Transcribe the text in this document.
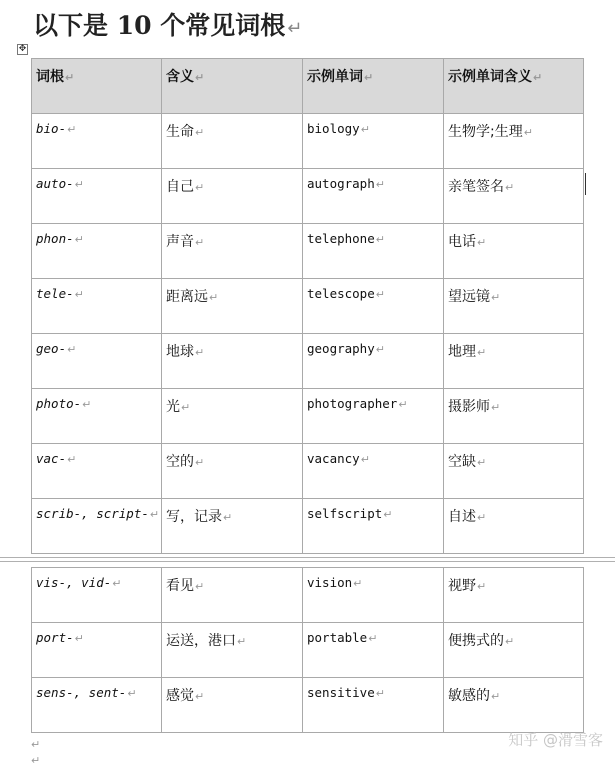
以下是 10 个常见词根 ↵
✥
词根↵	含义↵	示例单词↵	示例单词含义↵

bio-↵	生命↵	biology↵	生物学;生理↵

auto-↵	自己↵	autograph↵	亲笔签名↵

phon-↵	声音↵	telephone↵	电话↵

tele-↵	距离远↵	telescope↵	望远镜↵

geo-↵	地球↵	geography↵	地理↵

photo-↵	光↵	photographer↵	摄影师↵

vac-↵	空的↵	vacancy↵	空缺↵

scrib-, script-↵	写，记录↵	selfscript↵	自述↵
vis-, vid-↵	看见↵	vision↵	视野↵

port-↵	运送，港口↵	portable↵	便携式的↵

sens-, sent-↵	感觉↵	sensitive↵	敏感的↵
↵
↵
知乎 @滑雪客
